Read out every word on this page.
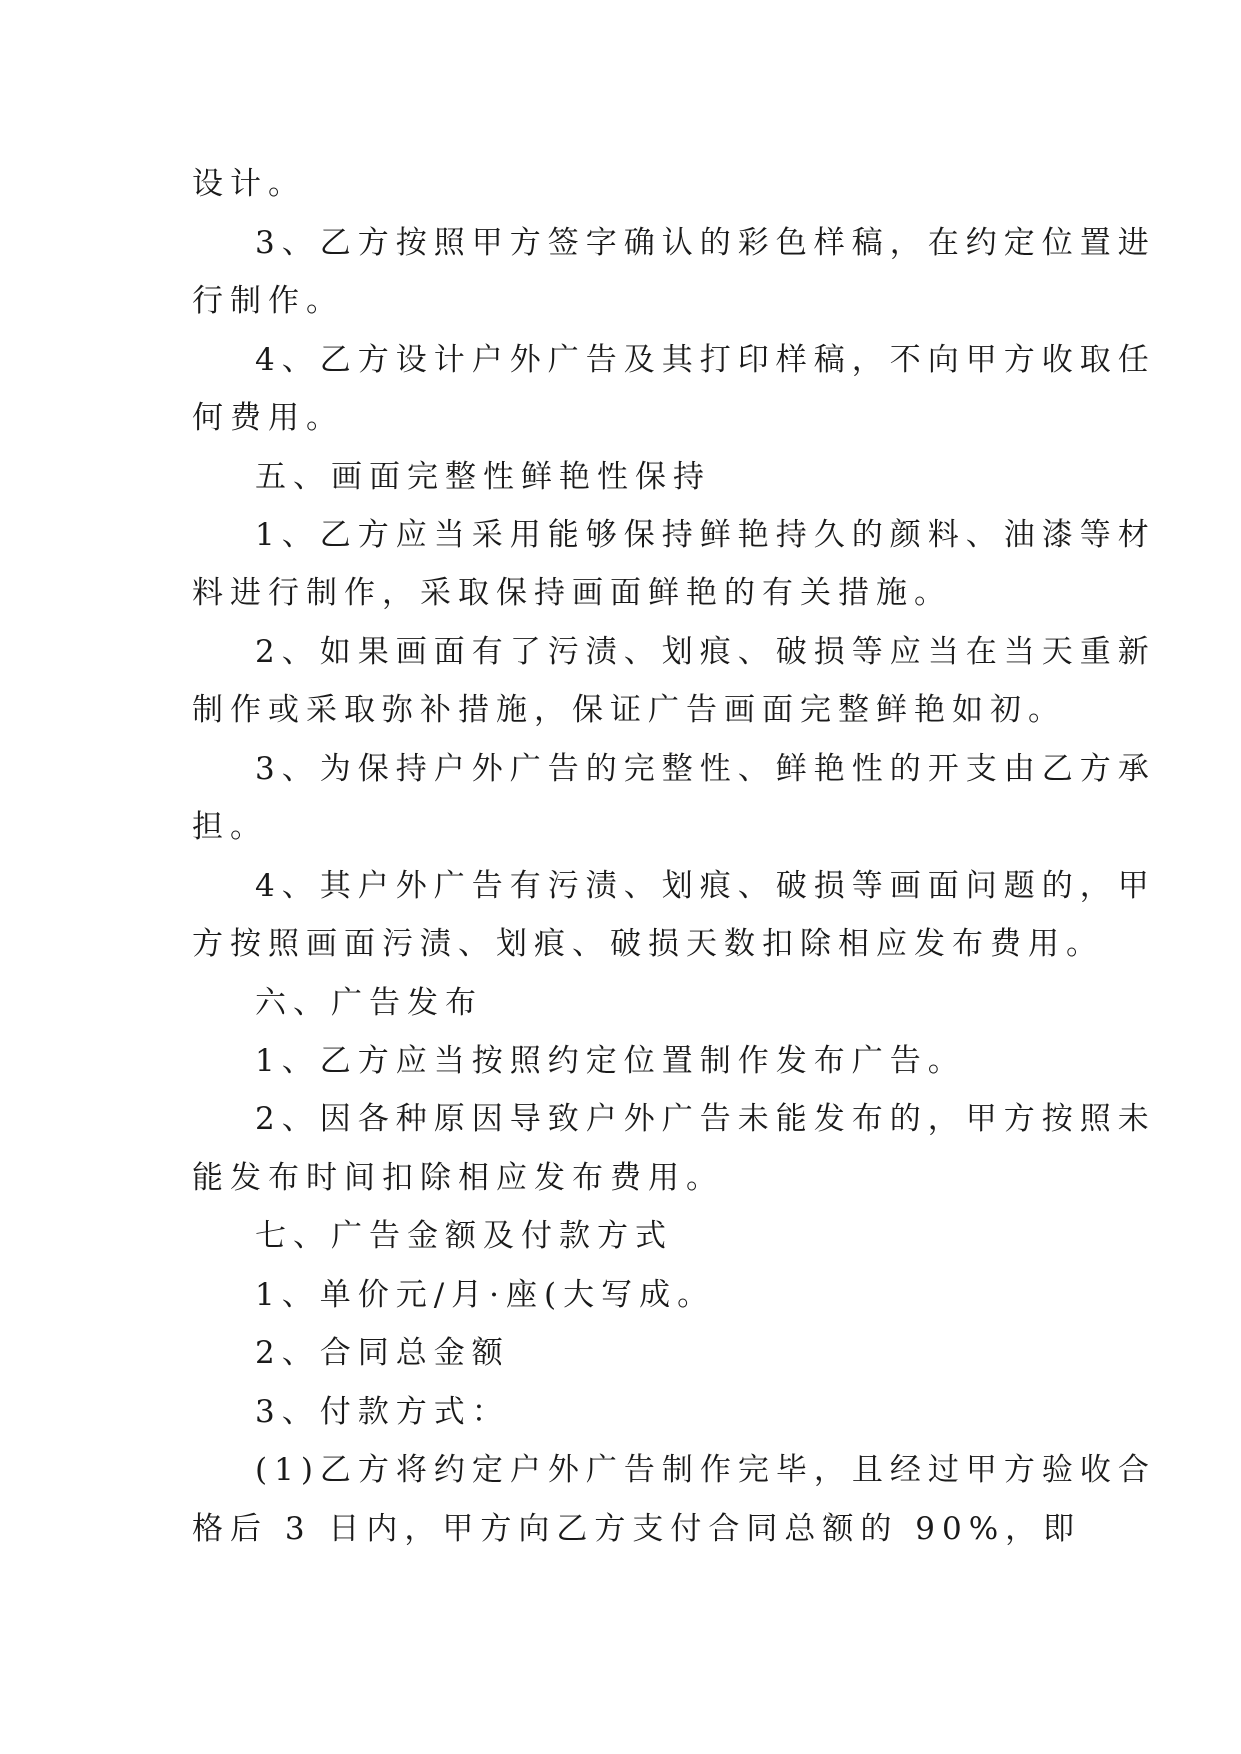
设计。
3、乙方按照甲方签字确认的彩色样稿，在约定位置进
行制作。
4、乙方设计户外广告及其打印样稿，不向甲方收取任
何费用。
五、画面完整性鲜艳性保持
1、乙方应当采用能够保持鲜艳持久的颜料、油漆等材
料进行制作，采取保持画面鲜艳的有关措施。
2、如果画面有了污渍、划痕、破损等应当在当天重新
制作或采取弥补措施，保证广告画面完整鲜艳如初。
3、为保持户外广告的完整性、鲜艳性的开支由乙方承
担。
4、其户外广告有污渍、划痕、破损等画面问题的，甲
方按照画面污渍、划痕、破损天数扣除相应发布费用。
六、广告发布
1、乙方应当按照约定位置制作发布广告。
2、因各种原因导致户外广告未能发布的，甲方按照未
能发布时间扣除相应发布费用。
七、广告金额及付款方式
1、单价元/月·座(大写成。
2、合同总金额
3、付款方式：
(1)乙方将约定户外广告制作完毕，且经过甲方验收合
格后 3 日内，甲方向乙方支付合同总额的 90%，即
